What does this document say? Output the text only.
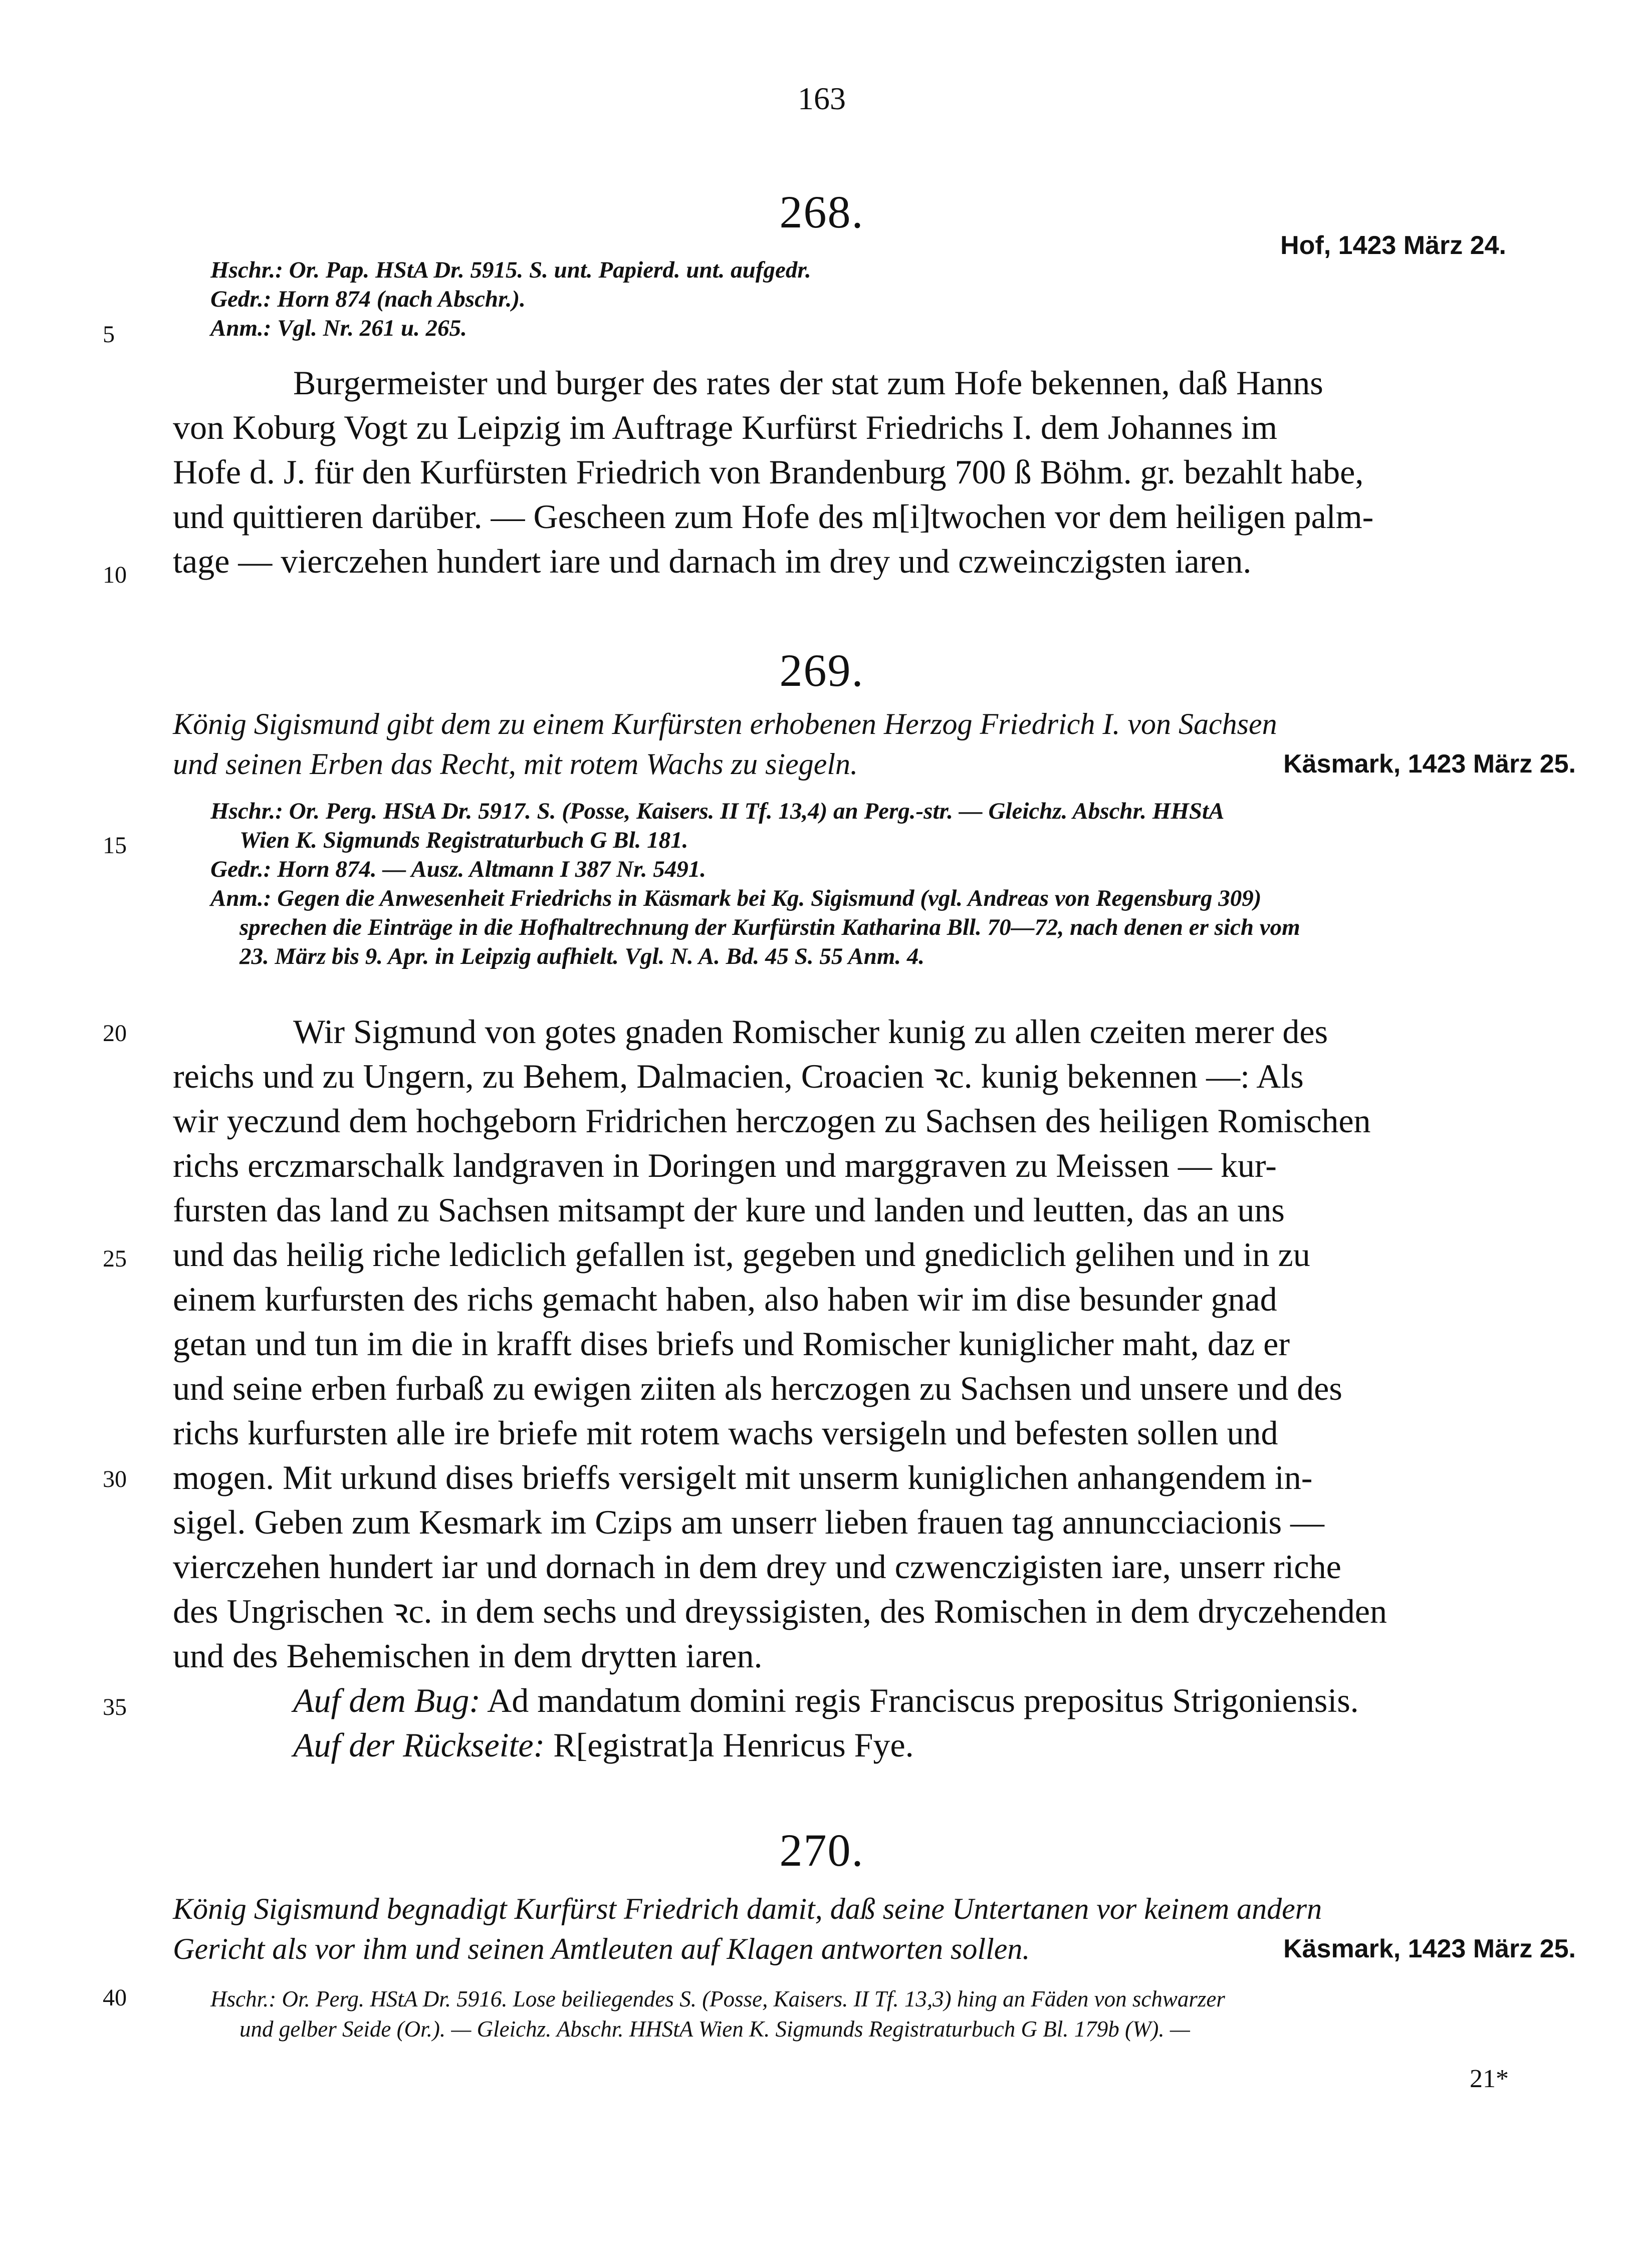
163
268.
Hof, 1423 März 24.
Hschr.: Or. Pap. HStA Dr. 5915. S. unt. Papierd. unt. aufgedr.
Gedr.: Horn 874 (nach Abschr.).
Anm.: Vgl. Nr. 261 u. 265.
5
Burgermeister und burger des rates der stat zum Hofe bekennen, daß Hanns
von Koburg Vogt zu Leipzig im Auftrage Kurfürst Friedrichs I. dem Johannes im
Hofe d. J. für den Kurfürsten Friedrich von Brandenburg 700 ß Böhm. gr. bezahlt habe,
und quittieren darüber. — Gescheen zum Hofe des m[i]twochen vor dem heiligen palm-
tage — vierczehen hundert iare und darnach im drey und czweinczigsten iaren.
10
269.
König Sigismund gibt dem zu einem Kurfürsten erhobenen Herzog Friedrich I. von Sachsen
und seinen Erben das Recht, mit rotem Wachs zu siegeln.	Käsmark, 1423 März 25.
Hschr.: Or. Perg. HStA Dr. 5917. S. (Posse, Kaisers. II Tf. 13,4) an Perg.-str. — Gleichz. Abschr. HHStA
Wien K. Sigmunds Registraturbuch G Bl. 181.
Gedr.: Horn 874. — Ausz. Altmann I 387 Nr. 5491.
Anm.: Gegen die Anwesenheit Friedrichs in Käsmark bei Kg. Sigismund (vgl. Andreas von Regensburg 309)
sprechen die Einträge in die Hofhaltrechnung der Kurfürstin Katharina Bll. 70—72, nach denen er sich vom
23. März bis 9. Apr. in Leipzig aufhielt. Vgl. N. A. Bd. 45 S. 55 Anm. 4.
15
20	Wir Sigmund von gotes gnaden Romischer kunig zu allen czeiten merer des
reichs und zu Ungern, zu Behem, Dalmacien, Croacien ꝛc. kunig bekennen —: Als
wir yeczund dem hochgeborn Fridrichen herczogen zu Sachsen des heiligen Romischen
richs erczmarschalk landgraven in Doringen und marggraven zu Meissen — kur-
fursten das land zu Sachsen mitsampt der kure und landen und leutten, das an uns
und das heilig riche lediclich gefallen ist, gegeben und gnediclich gelihen und in zu
einem kurfursten des richs gemacht haben, also haben wir im dise besunder gnad
getan und tun im die in krafft dises briefs und Romischer kuniglicher maht, daz er
und seine erben furbaß zu ewigen ziiten als herczogen zu Sachsen und unsere und des
richs kurfursten alle ire briefe mit rotem wachs versigeln und befesten sollen und
mogen. Mit urkund dises brieffs versigelt mit unserm kuniglichen anhangendem in-
sigel. Geben zum Kesmark im Czips am unserr lieben frauen tag annuncciacionis —
vierczehen hundert iar und dornach in dem drey und czwenczigisten iare, unserr riche
des Ungrischen ꝛc. in dem sechs und dreyssigisten, des Romischen in dem dryczehenden
und des Behemischen in dem drytten iaren.
Auf dem Bug: Ad mandatum domini regis Franciscus prepositus Strigoniensis.
Auf der Rückseite: R[egistrat]a Henricus Fye.
25
30
35
270.
König Sigismund begnadigt Kurfürst Friedrich damit, daß seine Untertanen vor keinem andern
Gericht als vor ihm und seinen Amtleuten auf Klagen antworten sollen.	Käsmark, 1423 März 25.
40	Hschr.: Or. Perg. HStA Dr. 5916. Lose beiliegendes S. (Posse, Kaisers. II Tf. 13,3) hing an Fäden von schwarzer
und gelber Seide (Or.). — Gleichz. Abschr. HHStA Wien K. Sigmunds Registraturbuch G Bl. 179b (W). —
21*
